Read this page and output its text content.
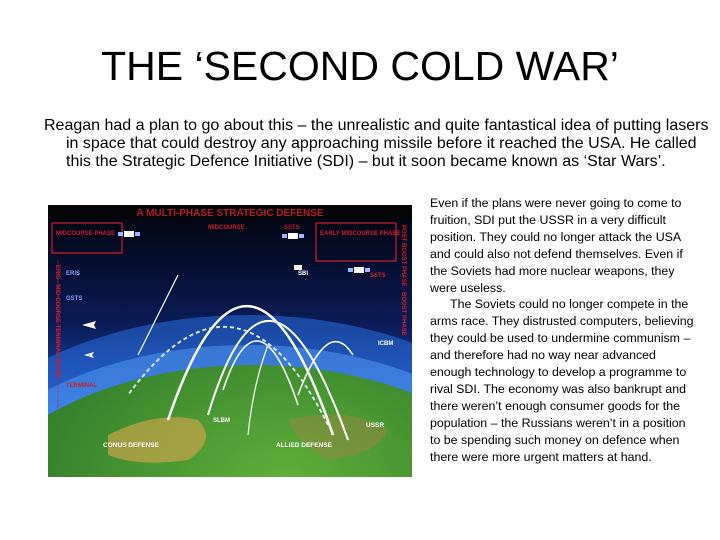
THE ‘SECOND COLD WAR’

Reagan had a plan to go about this – the unrealistic and quite fantastical idea of putting lasers in space that could destroy any approaching missile before it reached the USA. He called this the Strategic Defence Initiative (SDI) – but it soon became known as ‘Star Wars’.

A MULTI-PHASE STRATEGIC DEFENSE
ERIS · MID-COURSE TERMINAL PHASE	POST BOOST PHASE · BOOST PHASE
MIDCOURSE PHASE	EARLY MIDCOURSE PHASE
MIDCOURSE	SSTS
SSTS
SBI
ERIS
GSTS
TERMINAL
ICBM
SLBM
USSR
CONUS DEFENSE	ALLIED DEFENSE

Even if the plans were never going to come to fruition, SDI put the USSR in a very difficult position. They could no longer attack the USA and could also not defend themselves. Even if the Soviets had more nuclear weapons, they were useless.

The Soviets could no longer compete in the arms race. They distrusted computers, believing they could be used to undermine communism – and therefore had no way near advanced enough technology to develop a programme to rival SDI. The economy was also bankrupt and there weren’t enough consumer goods for the population – the Russians weren’t in a position to be spending such money on defence when there were more urgent matters at hand.
